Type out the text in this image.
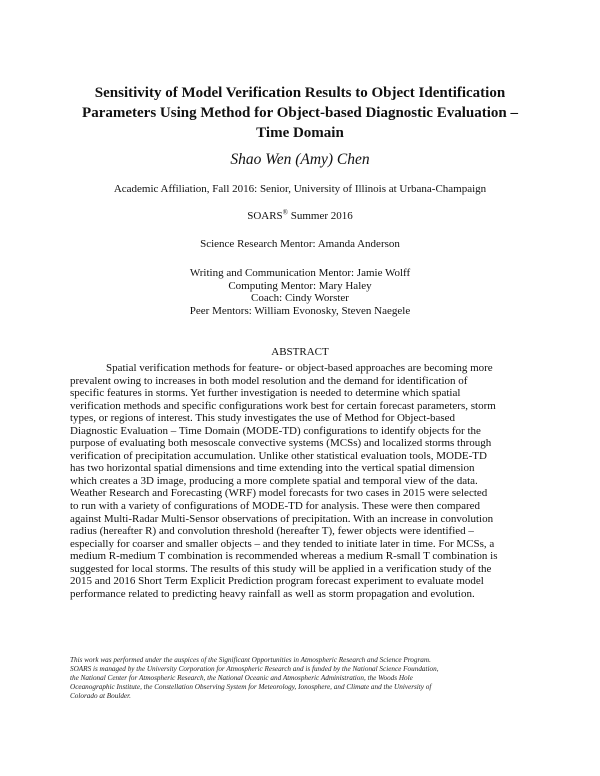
Sensitivity of Model Verification Results to Object Identification
Parameters Using Method for Object-based Diagnostic Evaluation –
Time Domain
Shao Wen (Amy) Chen
Academic Affiliation, Fall 2016: Senior, University of Illinois at Urbana-Champaign
SOARS® Summer 2016
Science Research Mentor: Amanda Anderson
Writing and Communication Mentor: Jamie Wolff
Computing Mentor: Mary Haley
Coach: Cindy Worster
Peer Mentors: William Evonosky, Steven Naegele
ABSTRACT
Spatial verification methods for feature- or object-based approaches are becoming more
prevalent owing to increases in both model resolution and the demand for identification of
specific features in storms. Yet further investigation is needed to determine which spatial
verification methods and specific configurations work best for certain forecast parameters, storm
types, or regions of interest. This study investigates the use of Method for Object-based
Diagnostic Evaluation – Time Domain (MODE-TD) configurations to identify objects for the
purpose of evaluating both mesoscale convective systems (MCSs) and localized storms through
verification of precipitation accumulation. Unlike other statistical evaluation tools, MODE-TD
has two horizontal spatial dimensions and time extending into the vertical spatial dimension
which creates a 3D image, producing a more complete spatial and temporal view of the data.
Weather Research and Forecasting (WRF) model forecasts for two cases in 2015 were selected
to run with a variety of configurations of MODE-TD for analysis. These were then compared
against Multi-Radar Multi-Sensor observations of precipitation. With an increase in convolution
radius (hereafter R) and convolution threshold (hereafter T), fewer objects were identified –
especially for coarser and smaller objects – and they tended to initiate later in time. For MCSs, a
medium R-medium T combination is recommended whereas a medium R-small T combination is
suggested for local storms. The results of this study will be applied in a verification study of the
2015 and 2016 Short Term Explicit Prediction program forecast experiment to evaluate model
performance related to predicting heavy rainfall as well as storm propagation and evolution.
This work was performed under the auspices of the Significant Opportunities in Atmospheric Research and Science Program.
SOARS is managed by the University Corporation for Atmospheric Research and is funded by the National Science Foundation,
the National Center for Atmospheric Research, the National Oceanic and Atmospheric Administration, the Woods Hole
Oceanographic Institute, the Constellation Observing System for Meteorology, Ionosphere, and Climate and the University of
Colorado at Boulder.
